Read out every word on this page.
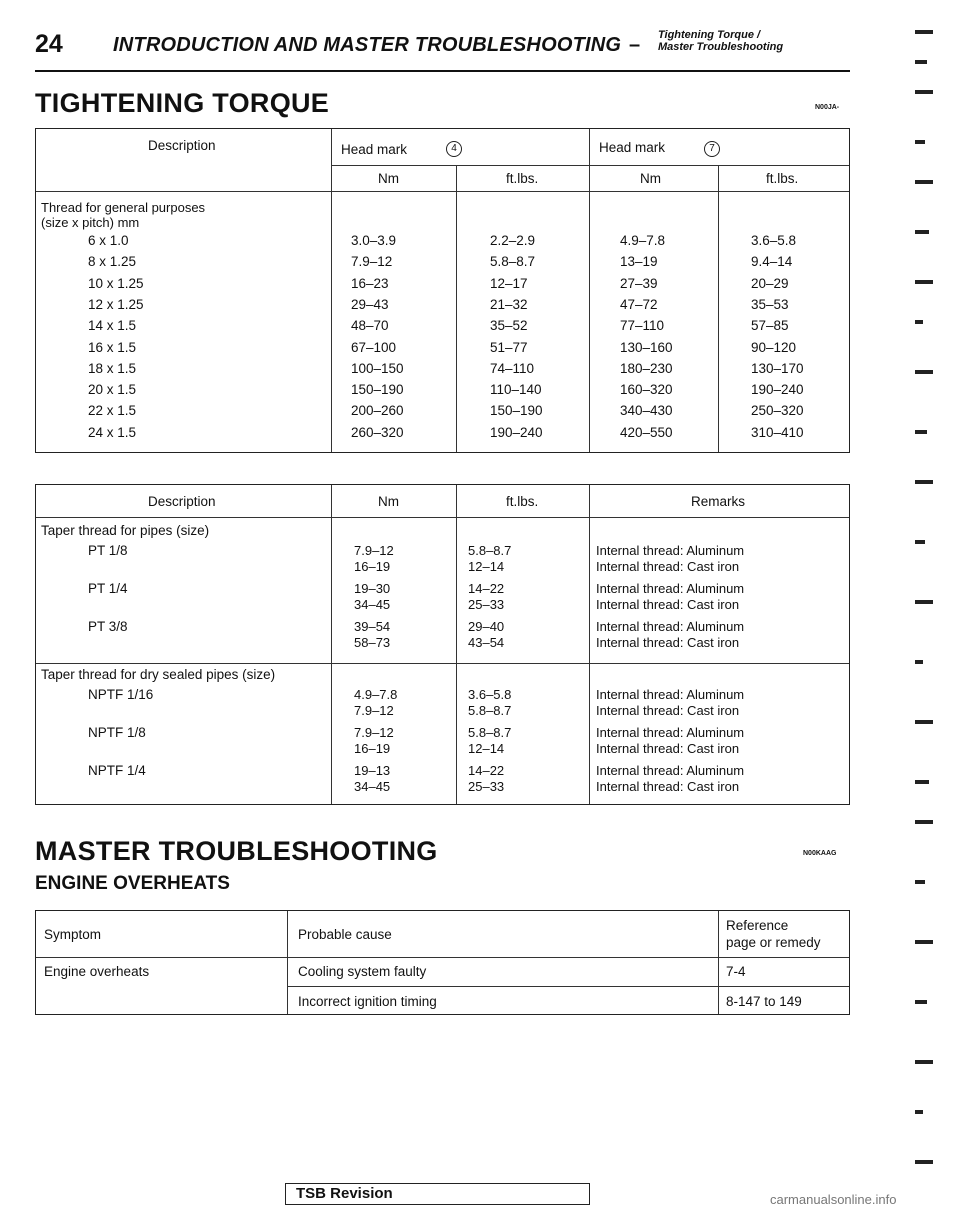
24	INTRODUCTION AND MASTER TROUBLESHOOTING – Tightening Torque /
Master Troubleshooting
TIGHTENING TORQUE	N00JA-
Description	Head mark	4	Head mark	7
Nm	ft.lbs.	Nm	ft.lbs.
Thread for general purposes
(size x pitch) mm
6 x 1.0	3.0–3.9	2.2–2.9	4.9–7.8	3.6–5.8
8 x 1.25	7.9–12	5.8–8.7	13–19	9.4–14
10 x 1.25	16–23	12–17	27–39	20–29
12 x 1.25	29–43	21–32	47–72	35–53
14 x 1.5	48–70	35–52	77–110	57–85
16 x 1.5	67–100	51–77	130–160	90–120
18 x 1.5	100–150	74–110	180–230	130–170
20 x 1.5	150–190	110–140	160–320	190–240
22 x 1.5	200–260	150–190	340–430	250–320
24 x 1.5	260–320	190–240	420–550	310–410
Description	Nm	ft.lbs.	Remarks
Taper thread for pipes (size)
PT 1/8	7.9–12	5.8–8.7	Internal thread: Aluminum
16–19	12–14	Internal thread: Cast iron
PT 1/4	19–30	14–22	Internal thread: Aluminum
34–45	25–33	Internal thread: Cast iron
PT 3/8	39–54	29–40	Internal thread: Aluminum
58–73	43–54	Internal thread: Cast iron
Taper thread for dry sealed pipes (size)
NPTF 1/16	4.9–7.8	3.6–5.8	Internal thread: Aluminum
7.9–12	5.8–8.7	Internal thread: Cast iron
NPTF 1/8	7.9–12	5.8–8.7	Internal thread: Aluminum
16–19	12–14	Internal thread: Cast iron
NPTF 1/4	19–13	14–22	Internal thread: Aluminum
34–45	25–33	Internal thread: Cast iron
MASTER TROUBLESHOOTING	N00KAAG
ENGINE OVERHEATS
Symptom	Probable cause
Reference
page or remedy
Engine overheats	Cooling system faulty	7-4
Incorrect ignition timing	8-147 to 149
TSB Revision	carmanualsonline.info
